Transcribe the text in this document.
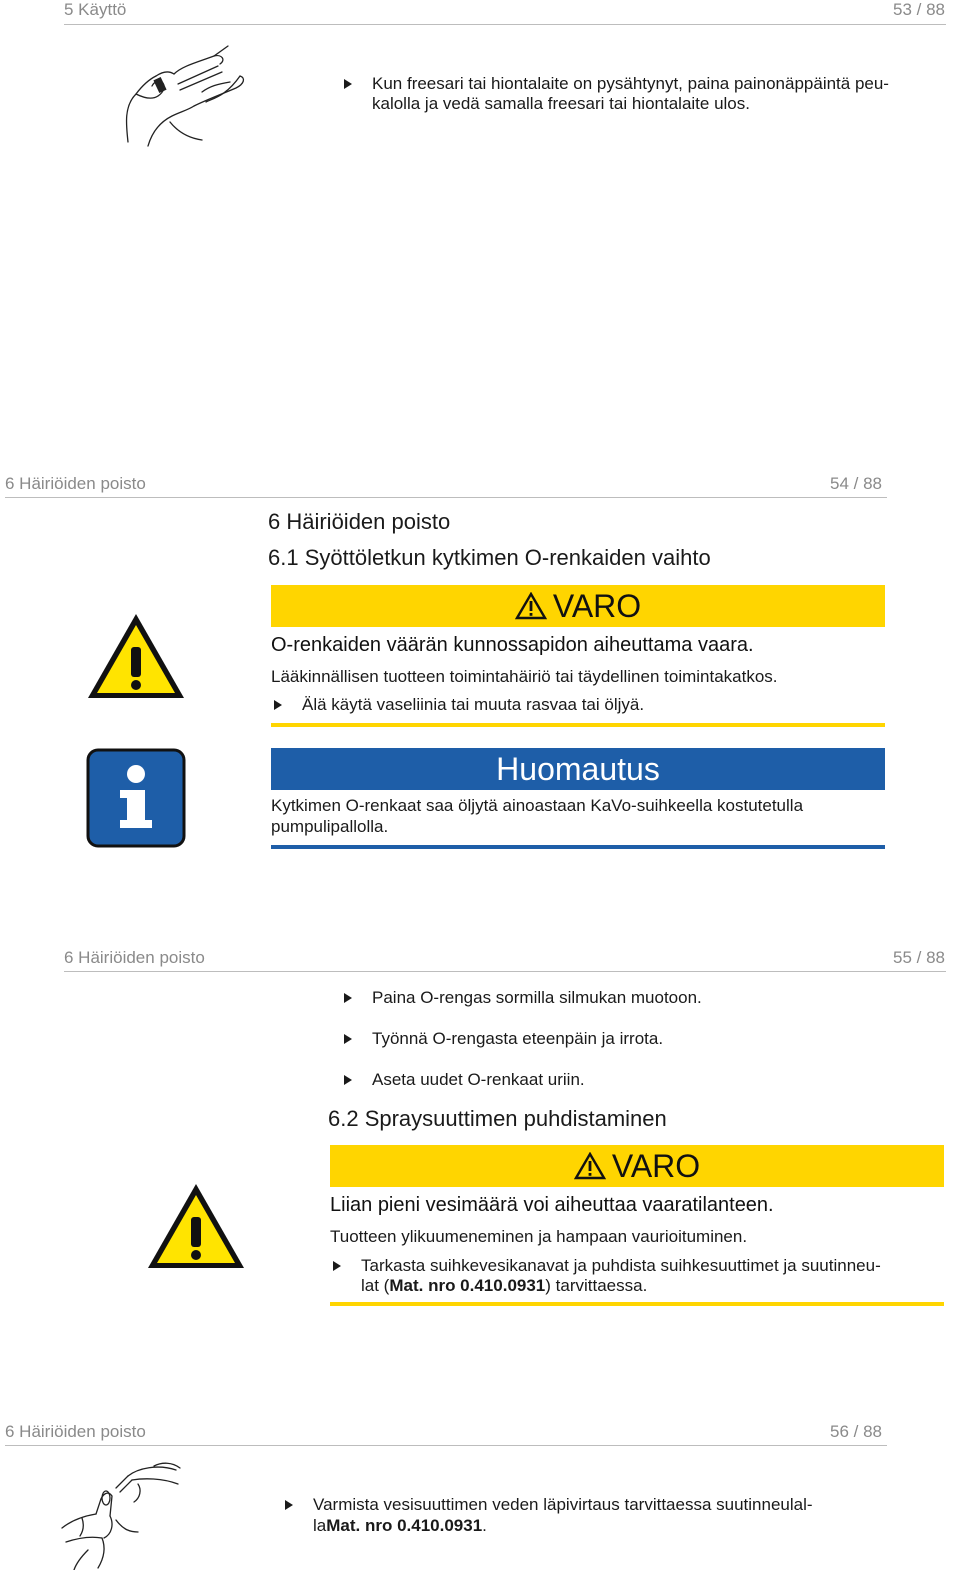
5 Käyttö	53 / 88
Kun freesari tai hiontalaite on pysähtynyt, paina painonäppäintä peu-
kalolla ja vedä samalla freesari tai hiontalaite ulos.
6 Häiriöiden poisto	54 / 88
6 Häiriöiden poisto
6.1 Syöttöletkun kytkimen O-renkaiden vaihto
VARO
O-renkaiden väärän kunnossapidon aiheuttama vaara.
Lääkinnällisen tuotteen toimintahäiriö tai täydellinen toimintakatkos.
Älä käytä vaseliinia tai muuta rasvaa tai öljyä.
Huomautus
Kytkimen O-renkaat saa öljytä ainoastaan KaVo-suihkeella kostutetulla
pumpulipallolla.
6 Häiriöiden poisto	55 / 88
Paina O-rengas sormilla silmukan muotoon.
Työnnä O-rengasta eteenpäin ja irrota.
Aseta uudet O-renkaat uriin.
6.2 Spraysuuttimen puhdistaminen
VARO
Liian pieni vesimäärä voi aiheuttaa vaaratilanteen.
Tuotteen ylikuumeneminen ja hampaan vaurioituminen.
Tarkasta suihkevesikanavat ja puhdista suihkesuuttimet ja suutinneu-
lat (Mat. nro 0.410.0931) tarvittaessa.
6 Häiriöiden poisto	56 / 88
Varmista vesisuuttimen veden läpivirtaus tarvittaessa suutinneulal-
laMat. nro 0.410.0931.
